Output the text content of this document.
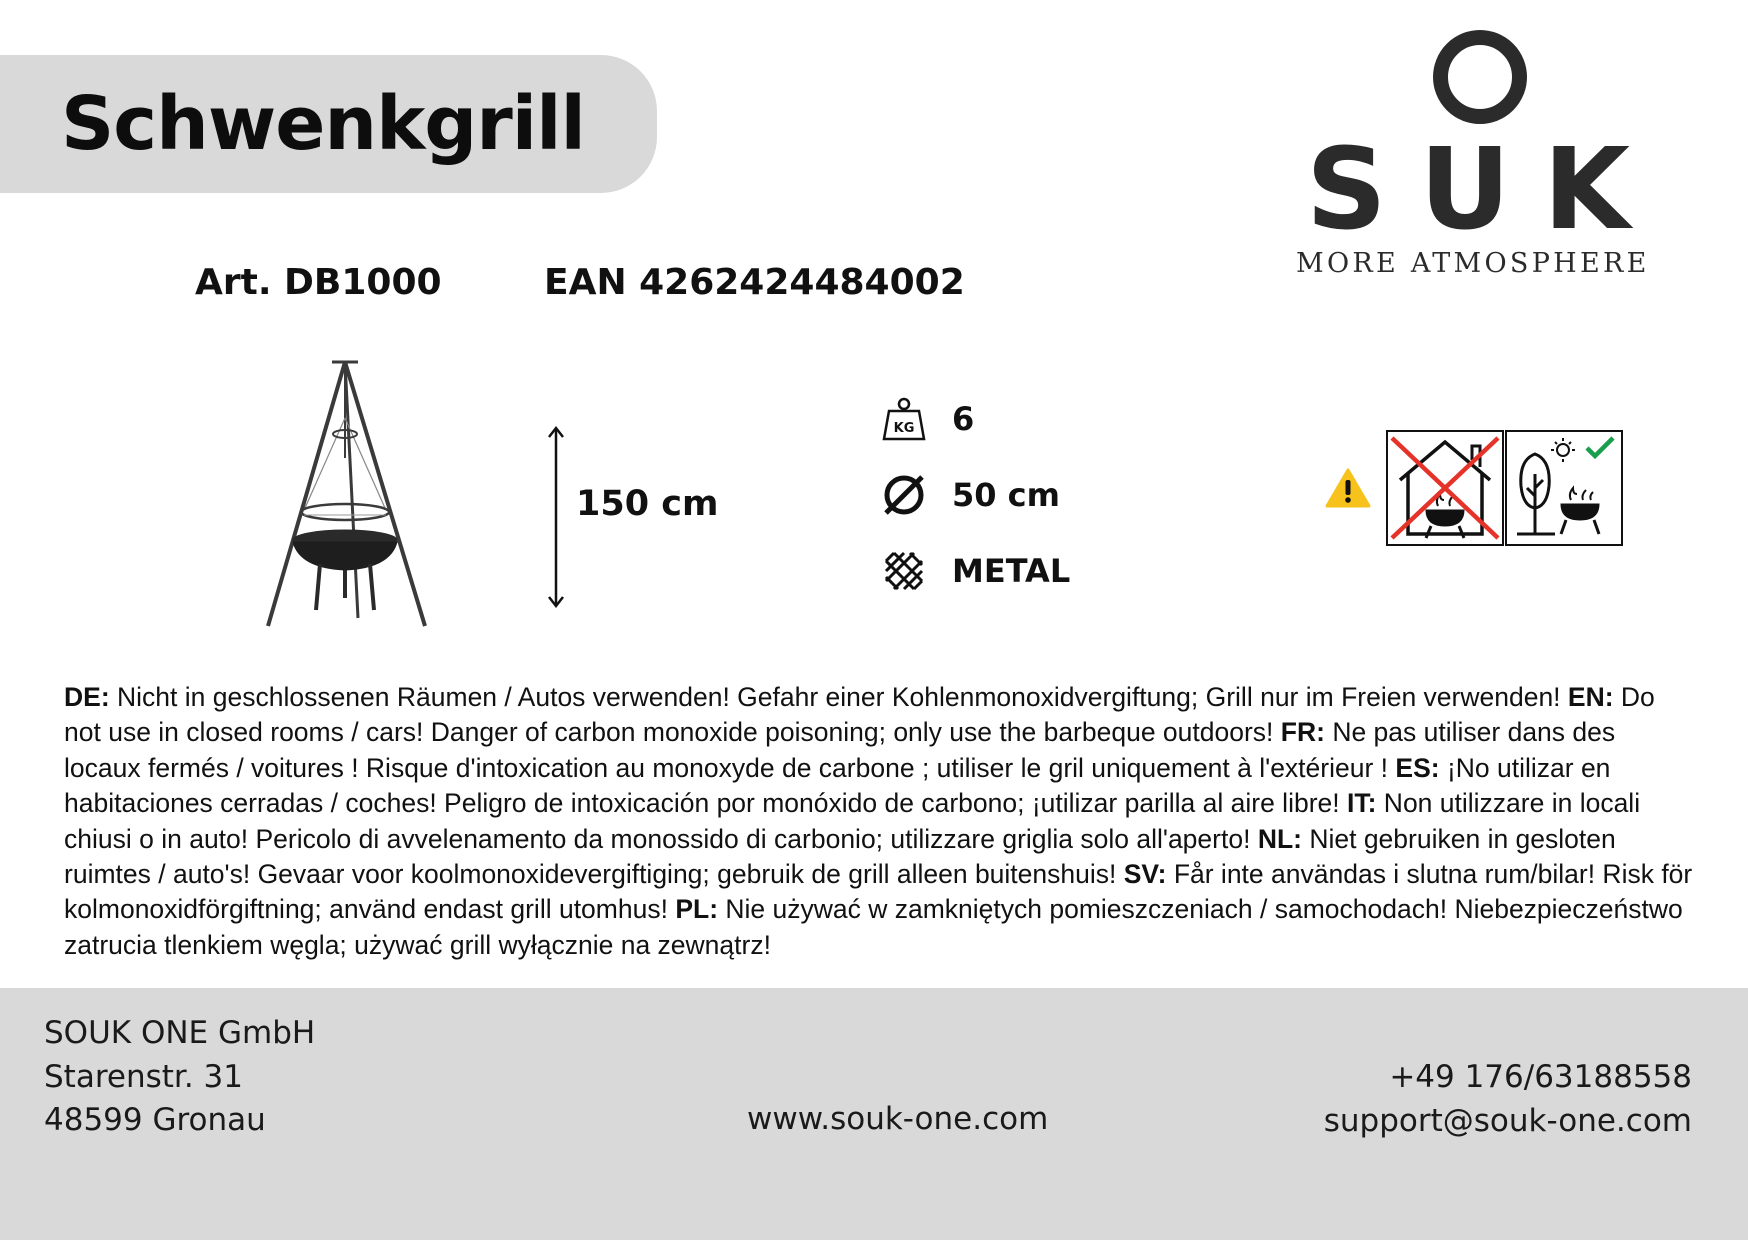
Schwenkgrill
S U K
MORE ATMOSPHERE
Art. DB1000	EAN 4262424484002
150 cm
KG 6
50 cm
METAL
DE: Nicht in geschlossenen Räumen / Autos verwenden! Gefahr einer Kohlenmonoxidvergiftung; Grill nur im Freien verwenden! EN: Do not use in closed rooms / cars! Danger of carbon monoxide poisoning; only use the barbeque outdoors! FR: Ne pas utiliser dans des locaux fermés / voitures ! Risque d'intoxication au monoxyde de carbone ; utiliser le gril uniquement à l'extérieur ! ES: ¡No utilizar en habitaciones cerradas / coches! Peligro de intoxicación por monóxido de carbono; ¡utilizar parilla al aire libre! IT: Non utilizzare in locali chiusi o in auto! Pericolo di avvelenamento da monossido di carbonio; utilizzare griglia solo all'aperto! NL: Niet gebruiken in gesloten ruimtes / auto's! Gevaar voor koolmonoxidevergiftiging; gebruik de grill alleen buitenshuis! SV: Får inte användas i slutna rum/bilar! Risk för kolmonoxidförgiftning; använd endast grill utomhus! PL: Nie używać w zamkniętych pomieszczeniach / samochodach! Niebezpieczeństwo zatrucia tlenkiem węgla; używać grill wyłącznie na zewnątrz!
SOUK ONE GmbH
Starenstr. 31
48599 Gronau	www.souk-one.com
+49 176/63188558
support@souk-one.com
